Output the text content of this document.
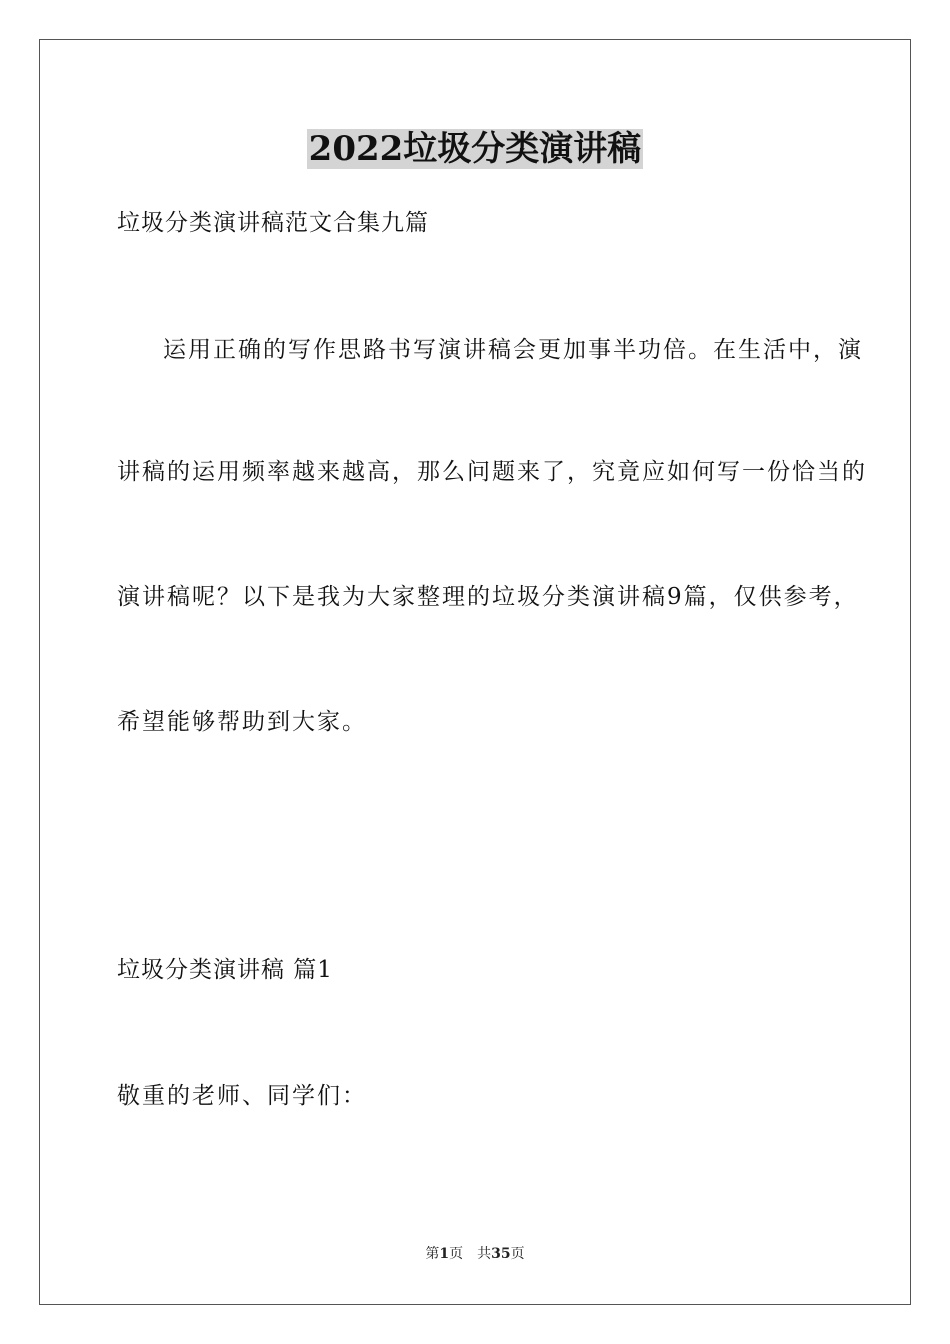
2022垃圾分类演讲稿
垃圾分类演讲稿范文合集九篇
运用正确的写作思路书写演讲稿会更加事半功倍。在生活中，演
讲稿的运用频率越来越高，那么问题来了，究竟应如何写一份恰当的
演讲稿呢？以下是我为大家整理的垃圾分类演讲稿9篇，仅供参考，
希望能够帮助到大家。
垃圾分类演讲稿 篇1
敬重的老师、同学们：
第1页 共35页
